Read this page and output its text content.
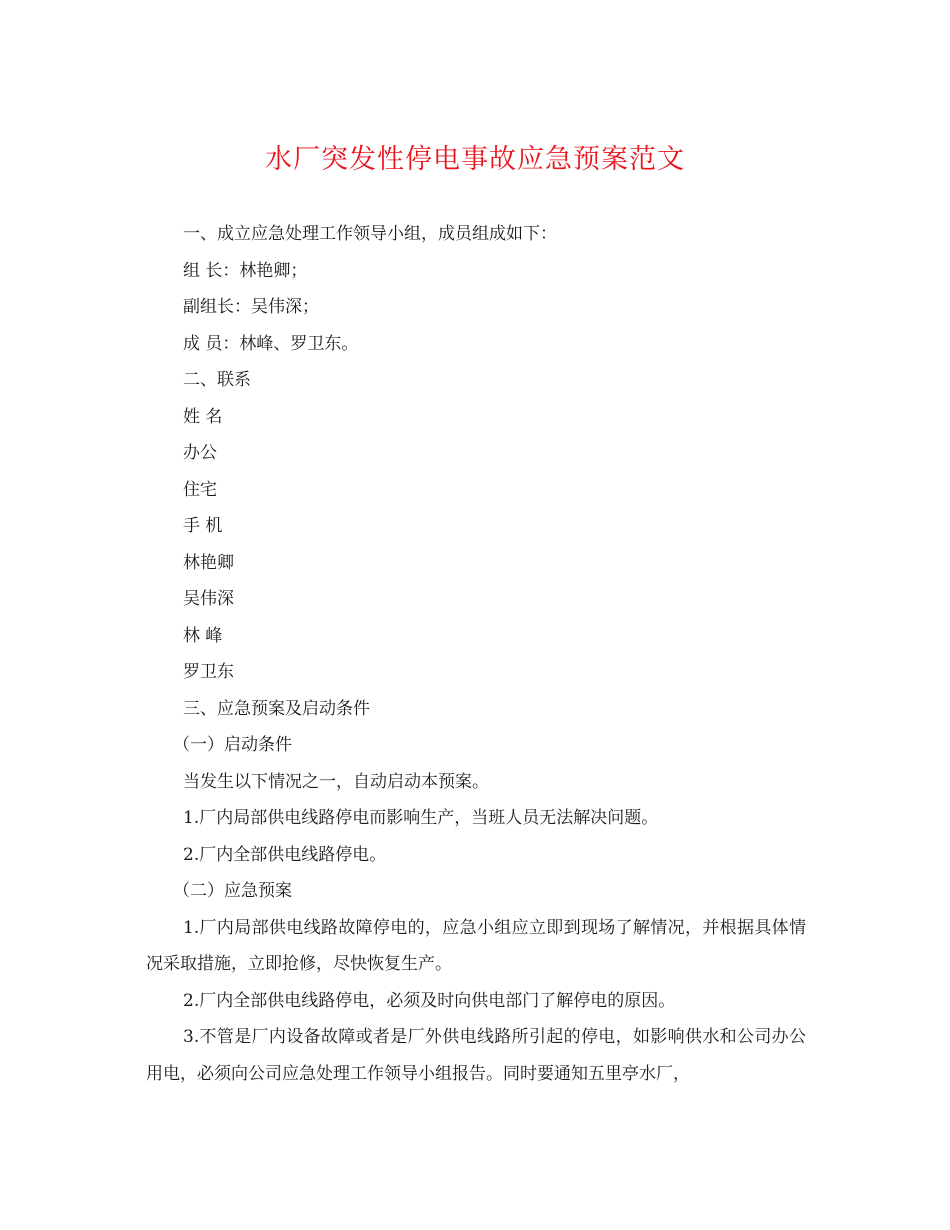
水厂突发性停电事故应急预案范文

一、成立应急处理工作领导小组，成员组成如下：

组 长：林艳卿；

副组长：吴伟深；

成 员：林峰、罗卫东。

二、联系

姓 名

办公

住宅

手 机

林艳卿

吴伟深

林 峰

罗卫东

三、应急预案及启动条件

（一）启动条件

当发生以下情况之一，自动启动本预案。

1.厂内局部供电线路停电而影响生产，当班人员无法解决问题。

2.厂内全部供电线路停电。

（二）应急预案

1.厂内局部供电线路故障停电的，应急小组应立即到现场了解情况，并根据具体情况采取措施，立即抢修，尽快恢复生产。

2.厂内全部供电线路停电，必须及时向供电部门了解停电的原因。

3.不管是厂内设备故障或者是厂外供电线路所引起的停电，如影响供水和公司办公用电，必须向公司应急处理工作领导小组报告。同时要通知五里亭水厂，
